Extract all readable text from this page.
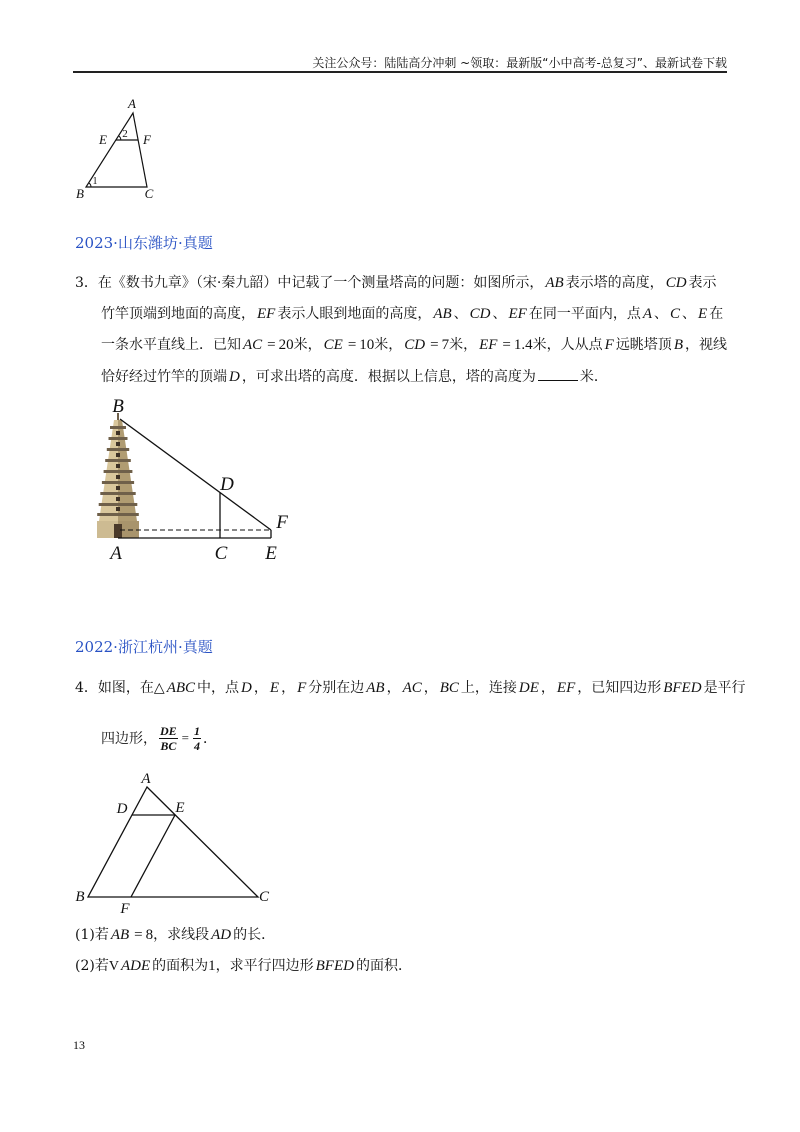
关注公众号：陆陆高分冲刺 ~领取：最新版“小中高考-总复习”、最新试卷下载
A
E	F
B	C
1
2
2023·山东潍坊·真题
3．在《数书九章》（宋·秦九韶）中记载了一个测量塔高的问题：如图所示， AB 表示塔的高度， CD 表示
竹竿顶端到地面的高度， EF 表示人眼到地面的高度， AB 、 CD 、 EF 在同一平面内，点 A 、 C 、 E 在
一条水平直线上．已知 AC = 20米， CE = 10米， CD = 7米， EF = 1.4米，人从点 F 远眺塔顶 B ，视线
恰好经过竹竿的顶端 D ，可求出塔的高度．根据以上信息，塔的高度为	米．
B
D
F
A	C E
2022·浙江杭州·真题
4．如图，在△ ABC 中，点 D ， E ， F 分别在边 AB ， AC ， BC 上，连接 DE ， EF ，已知四边形 BFED 是平行
四边形， $\frac{DE}{BC} = \frac{1}{4}$ ．
A
D	E
B	C
F
(1)若 AB = 8，求线段 AD 的长．
(2)若V ADE 的面积为1，求平行四边形 BFED 的面积．
13
